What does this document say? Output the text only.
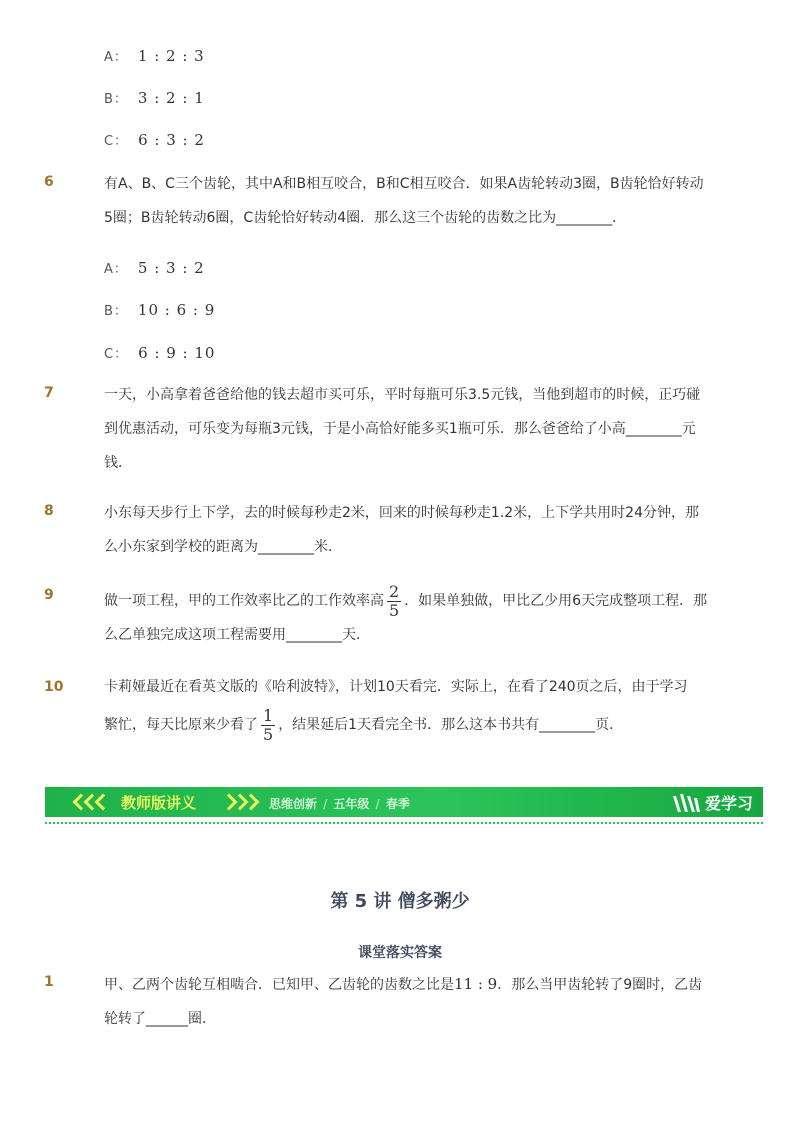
A： 1 : 2 : 3
B： 3 : 2 : 1
C： 6 : 3 : 2
6	有A、B、C三个齿轮，其中A和B相互咬合，B和C相互咬合．如果A齿轮转动3圈，B齿轮恰好转动
5圈；B齿轮转动6圈，C齿轮恰好转动4圈．那么这三个齿轮的齿数之比为________．
A： 5 : 3 : 2
B： 10 : 6 : 9
C： 6 : 9 : 10
7	一天，小高拿着爸爸给他的钱去超市买可乐，平时每瓶可乐3.5元钱，当他到超市的时候，正巧碰
到优惠活动，可乐变为每瓶3元钱，于是小高恰好能多买1瓶可乐．那么爸爸给了小高________元
钱．
8	小东每天步行上下学，去的时候每秒走2米，回来的时候每秒走1.2米，上下学共用时24分钟，那
么小东家到学校的距离为________米．
9	做一项工程，甲的工作效率比乙的工作效率高 $\frac{2}{5}$ ．如果单独做，甲比乙少用6天完成整项工程．那
么乙单独完成这项工程需要用________天．
10	卡莉娅最近在看英文版的《哈利波特》，计划10天看完．实际上，在看了240页之后，由于学习
繁忙，每天比原来少看了 $\frac{1}{5}$ ，结果延后1天看完全书．那么这本书共有________页．
教师版讲义	思维创新 / 五年级 / 春季	爱学习
第 5 讲 僧多粥少
课堂落实答案
1	甲、乙两个齿轮互相啮合．已知甲、乙齿轮的齿数之比是11 : 9．那么当甲齿轮转了9圈时，乙齿
轮转了______圈．
